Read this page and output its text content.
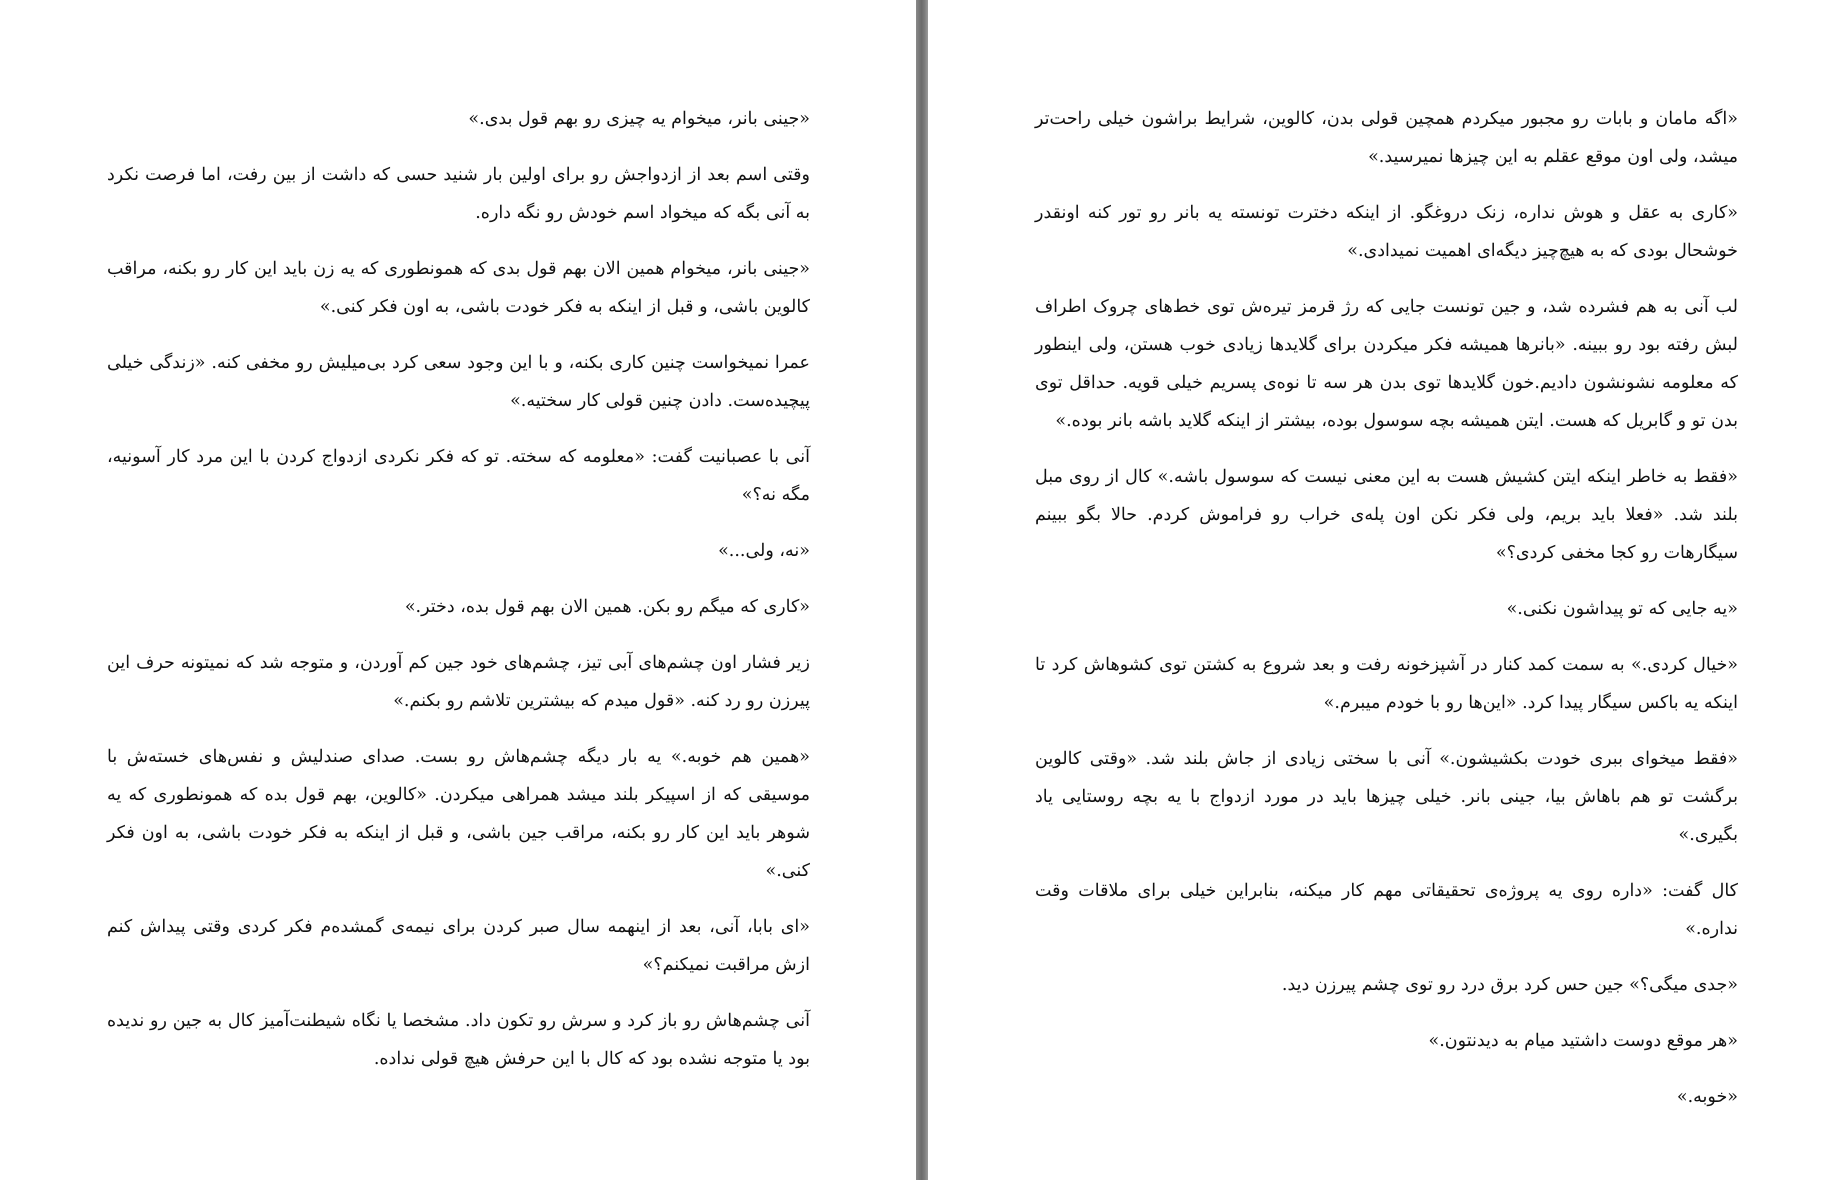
«جینی بانر، میخوام یه چیزی رو بهم قول بدی.»

وقتی اسم بعد از ازدواجش رو برای اولین بار شنید حسی که داشت از بین رفت، اما فرصت نکرد به آنی بگه که میخواد اسم خودش رو نگه داره.

«جینی بانر، میخوام همین الان بهم قول بدی که همونطوری که یه زن باید این کار رو بکنه، مراقب کالوین باشی، و قبل از اینکه به فکر خودت باشی، به اون فکر کنی.»

عمرا نمیخواست چنین کاری بکنه، و با این وجود سعی کرد بی‌میلیش رو مخفی کنه. «زندگی خیلی پیچیده‌ست. دادن چنین قولی کار سختیه.»

آنی با عصبانیت گفت: «معلومه که سخته. تو که فکر نکردی ازدواج کردن با این مرد کار آسونیه، مگه نه؟»

«نه، ولی...»

«کاری که میگم رو بکن. همین الان بهم قول بده، دختر.»

زیر فشار اون چشم‌های آبی تیز، چشم‌های خود جین کم آوردن، و متوجه شد که نمیتونه حرف این پیرزن رو رد کنه. «قول میدم که بیشترین تلاشم رو بکنم.»

«همین هم خوبه.» یه بار دیگه چشم‌هاش رو بست. صدای صندلیش و نفس‌های خسته‌ش با موسیقی که از اسپیکر بلند میشد همراهی میکردن. «کالوین، بهم قول بده که همونطوری که یه شوهر باید این کار رو بکنه، مراقب جین باشی، و قبل از اینکه به فکر خودت باشی، به اون فکر کنی.»

«ای بابا، آنی، بعد از اینهمه سال صبر کردن برای نیمه‌ی گمشده‌م فکر کردی وقتی پیداش کنم ازش مراقبت نمیکنم؟»

آنی چشم‌هاش رو باز کرد و سرش رو تکون داد. مشخصا یا نگاه شیطنت‌آمیز کال به جین رو ندیده بود یا متوجه نشده بود که کال با این حرفش هیچ قولی نداده.

«اگه مامان و بابات رو مجبور میکردم همچین قولی بدن، کالوین، شرایط براشون خیلی راحت‌تر میشد، ولی اون موقع عقلم به این چیزها نمیرسید.»

«کاری به عقل و هوش نداره، زنک دروغگو. از اینکه دخترت تونسته یه بانر رو تور کنه اونقدر خوشحال بودی که به هیچ‌چیز دیگه‌ای اهمیت نمیدادی.»

لب آنی به هم فشرده شد، و جین تونست جایی که رژ قرمز تیره‌ش توی خط‌های چروک اطراف لبش رفته بود رو ببینه. «بانرها همیشه فکر میکردن برای گلایدها زیادی خوب هستن، ولی اینطور که معلومه نشونشون دادیم.خون گلایدها توی بدن هر سه تا نوه‌ی پسریم خیلی قویه. حداقل توی بدن تو و گابریل که هست. ایتن همیشه بچه سوسول بوده، بیشتر از اینکه گلاید باشه بانر بوده.»

«فقط به خاطر اینکه ایتن کشیش هست به این معنی نیست که سوسول باشه.» کال از روی مبل بلند شد. «فعلا باید بریم، ولی فکر نکن اون پله‌ی خراب رو فراموش کردم. حالا بگو ببینم سیگارهات رو کجا مخفی کردی؟»

«یه جایی که تو پیداشون نکنی.»

«خیال کردی.» به سمت کمد کنار در آشپزخونه رفت و بعد شروع به کشتن توی کشوهاش کرد تا اینکه یه باکس سیگار پیدا کرد. «این‌ها رو با خودم میبرم.»

«فقط میخوای ببری خودت بکشیشون.» آنی با سختی زیادی از جاش بلند شد. «وقتی کالوین برگشت تو هم باهاش بیا، جینی بانر. خیلی چیزها باید در مورد ازدواج با یه بچه روستایی یاد بگیری.»

کال گفت: «داره روی یه پروژه‌ی تحقیقاتی مهم کار میکنه، بنابراین خیلی برای ملاقات وقت نداره.»

«جدی میگی؟» جین حس کرد برق درد رو توی چشم پیرزن دید.

«هر موقع دوست داشتید میام به دیدنتون.»

«خوبه.»
